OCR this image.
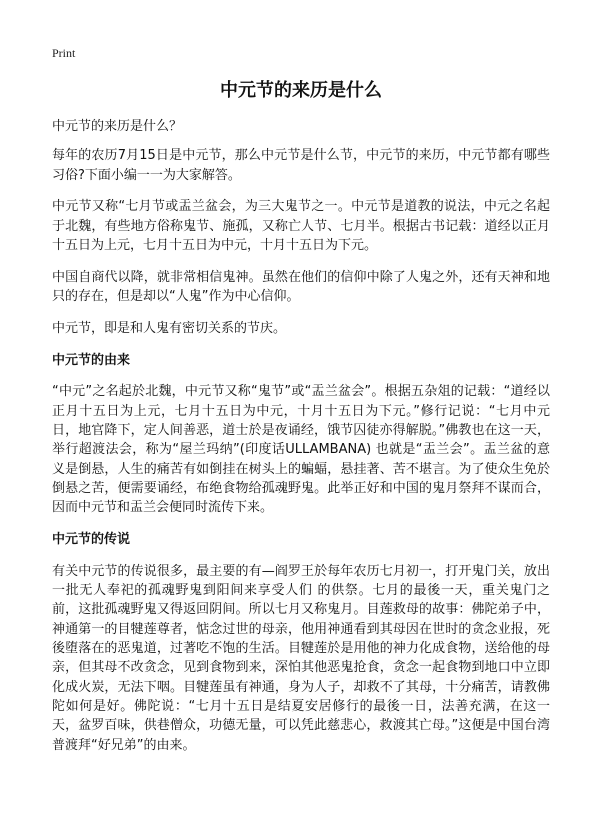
Print
中元节的来历是什么

中元节的来历是什么？

每年的农历7月15日是中元节，那么中元节是什么节，中元节的来历，中元节都有哪些习俗?下面小编一一为大家解答。

中元节又称“七月节或盂兰盆会，为三大鬼节之一。中元节是道教的说法，中元之名起于北魏，有些地方俗称鬼节、施孤，又称亡人节、七月半。根据古书记载：道经以正月十五日为上元，七月十五日为中元，十月十五日为下元。

中国自商代以降，就非常相信鬼神。虽然在他们的信仰中除了人鬼之外，还有天神和地只的存在，但是却以“人鬼”作为中心信仰。

中元节，即是和人鬼有密切关系的节庆。

中元节的由来

“中元”之名起於北魏，中元节又称“鬼节”或“盂兰盆会”。根据五杂俎的记载：“道经以正月十五日为上元，七月十五日为中元，十月十五日为下元。”修行记说：“七月中元日，地官降下，定人间善恶，道士於是夜诵经，饿节囚徒亦得解脱。”佛教也在这一天，举行超渡法会，称为“屋兰玛纳”(印度话ULLAMBANA) 也就是“盂兰会”。盂兰盆的意义是倒悬，人生的痛苦有如倒挂在树头上的蝙蝠，悬挂著、苦不堪言。为了使众生免於倒悬之苦，便需要诵经，布绝食物给孤魂野鬼。此举正好和中国的鬼月祭拜不谋而合，因而中元节和盂兰会便同时流传下来。

中元节的传说

有关中元节的传说很多，最主要的有—阎罗王於每年农历七月初一，打开鬼门关，放出一批无人奉祀的孤魂野鬼到阳间来享受人们 的供祭。七月的最後一天，重关鬼门之前，这批孤魂野鬼又得返回阴间。所以七月又称鬼月。目莲救母的故事：佛陀弟子中，神通第一的目犍莲尊者，惦念过世的母亲，他用神通看到其母因在世时的贪念业报，死後堕落在的恶鬼道，过著吃不饱的生活。目犍莲於是用他的神力化成食物，送给他的母亲，但其母不改贪念，见到食物到来，深怕其他恶鬼抢食，贪念一起食物到地口中立即化成火炭，无法下咽。目犍莲虽有神通，身为人子，却救不了其母，十分痛苦，请教佛陀如何是好。佛陀说：“七月十五日是结夏安居修行的最後一日，法善充满，在这一天，盆罗百味，供巷僧众，功德无量，可以凭此慈悲心，救渡其亡母。”这便是中国台湾普渡拜“好兄弟”的由来。
